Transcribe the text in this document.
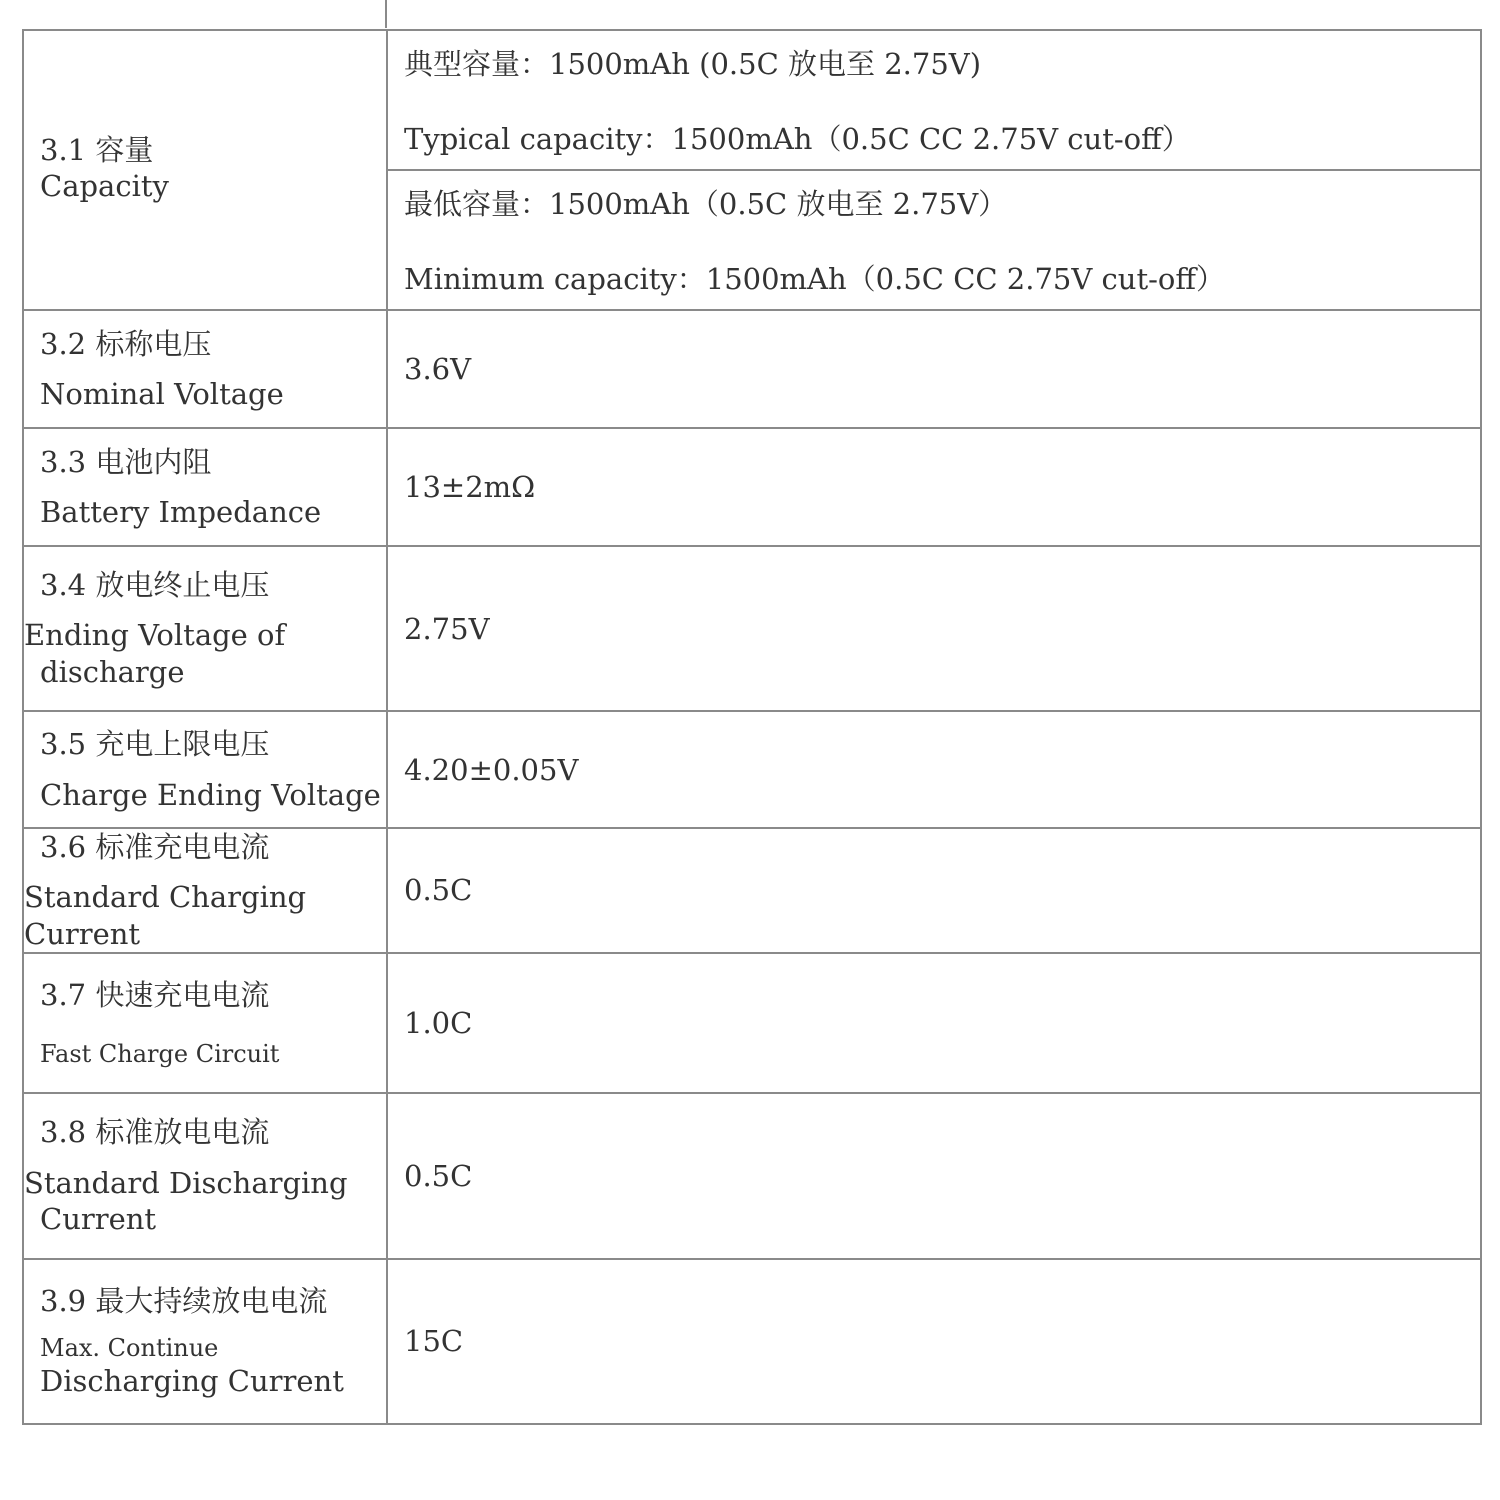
3.1 容量
Capacity	典型容量：1500mAh (0.5C 放电至 2.75V)
Typical capacity：1500mAh（0.5C CC 2.75V cut-off）

	最低容量：1500mAh（0.5C 放电至 2.75V）
Minimum capacity：1500mAh（0.5C CC 2.75V cut-off）

3.2 标称电压
Nominal Voltage	3.6V

3.3 电池内阻
Battery Impedance	13±2mΩ

3.4 放电终止电压
Ending Voltage of
discharge	2.75V

3.5 充电上限电压
Charge Ending Voltage	4.20±0.05V

3.6 标准充电电流
Standard Charging Current	0.5C

3.7 快速充电电流
Fast Charge Circuit	1.0C

3.8 标准放电电流
Standard Discharging
Current	0.5C

3.9 最大持续放电电流
Max. Continue
Discharging Current	15C
